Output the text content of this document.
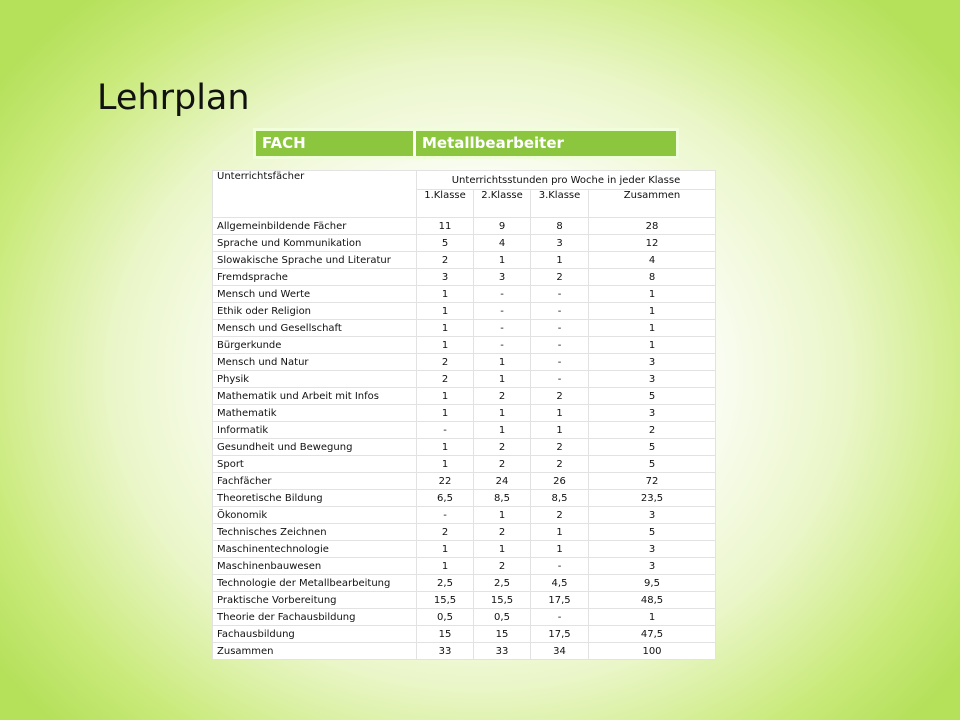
Lehrplan
FACH	Metallbearbeiter
Unterrichtsfächer	Unterrichtsstunden pro Woche in jeder Klasse			
	1.Klasse	2.Klasse	3.Klasse	Zusammen
Allgemeinbildende Fächer	11	9	8	28
Sprache und Kommunikation	5	4	3	12
Slowakische Sprache und Literatur	2	1	1	4
Fremdsprache	3	3	2	8
Mensch und Werte	1	-	-	1
Ethik oder Religion	1	-	-	1
Mensch und Gesellschaft	1	-	-	1
Bürgerkunde	1	-	-	1
Mensch und Natur	2	1	-	3
Physik	2	1	-	3
Mathematik und Arbeit mit Infos	1	2	2	5
Mathematik	1	1	1	3
Informatik	-	1	1	2
Gesundheit und Bewegung	1	2	2	5
Sport	1	2	2	5
Fachfächer	22	24	26	72
Theoretische Bildung	6,5	8,5	8,5	23,5
Ökonomik	-	1	2	3
Technisches Zeichnen	2	2	1	5
Maschinentechnologie	1	1	1	3
Maschinenbauwesen	1	2	-	3
Technologie der Metallbearbeitung	2,5	2,5	4,5	9,5
Praktische Vorbereitung	15,5	15,5	17,5	48,5
Theorie der Fachausbildung	0,5	0,5	-	1
Fachausbildung	15	15	17,5	47,5
Zusammen	33	33	34	100
